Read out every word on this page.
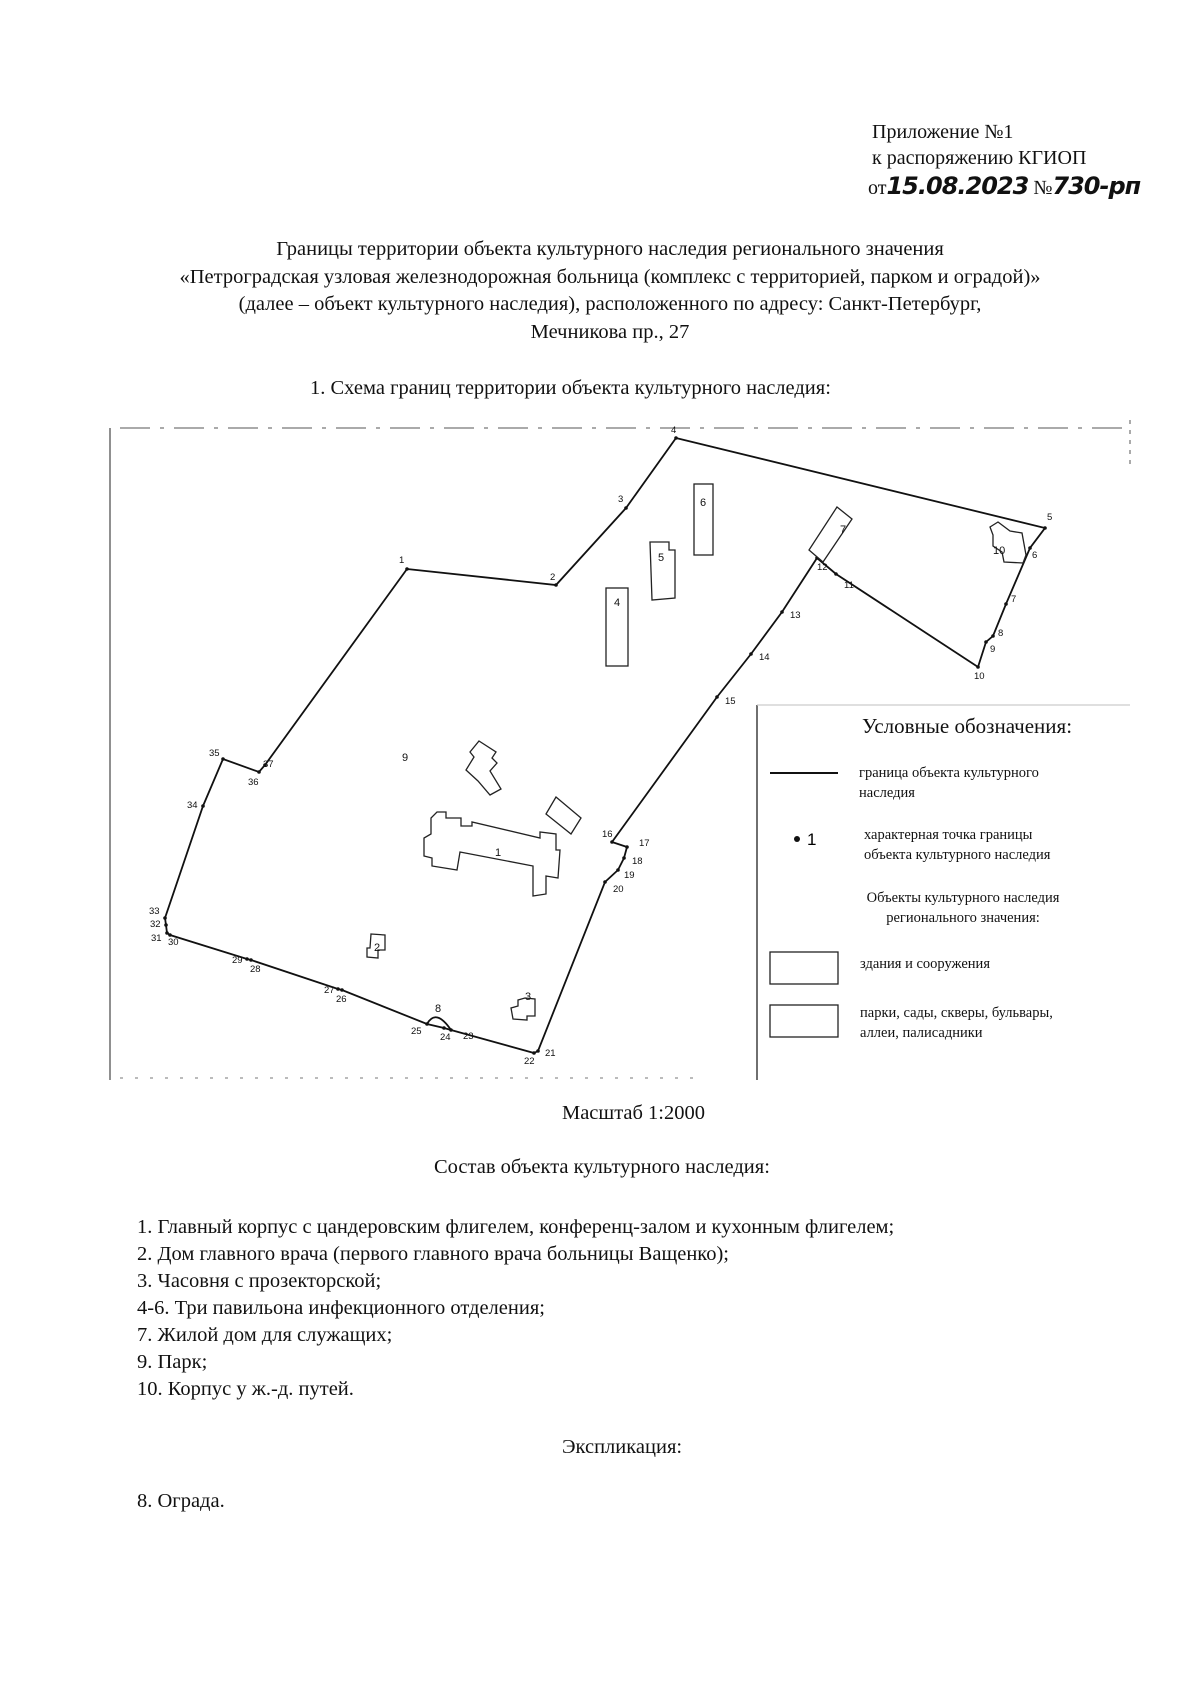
Приложение №1
к распоряжению КГИОП
от15.08.2023 №730-рп
Границы территории объекта культурного наследия регионального значения
«Петроградская узловая железнодорожная больница (комплекс с территорией, парком и оградой)»
(далее – объект культурного наследия), расположенного по адресу: Санкт-Петербург,
Мечникова пр., 27
1. Схема границ территории объекта культурного наследия:
1
2
3
4
5
6
7
8
9
10
11
12
13
14
15
16
17
18
19
20
21
22
23
24
25
26
27
28
29
30
31
32
33
34
35
36
37
1
2
3
4
5
6
7
8
9
10
1
Условные обозначения:
граница объекта культурного
наследия
характерная точка границы
объекта культурного наследия
Объекты культурного наследия
регионального значения:
здания и сооружения
парки, сады, скверы, бульвары,
аллеи, палисадники
Масштаб 1:2000
Состав объекта культурного наследия:
1. Главный корпус с цандеровским флигелем, конференц-залом и кухонным флигелем;
2. Дом главного врача (первого главного врача больницы Ващенко);
3. Часовня с прозекторской;
4-6. Три павильона инфекционного отделения;
7. Жилой дом для служащих;
9. Парк;
10. Корпус у ж.-д. путей.
Экспликация:
8. Ограда.
